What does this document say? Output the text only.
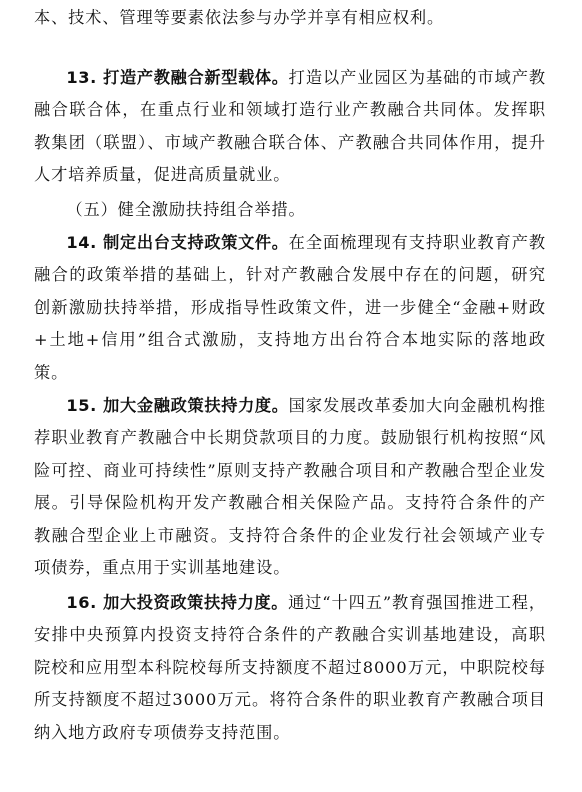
本、技术、管理等要素依法参与办学并享有相应权利。

13. 打造产教融合新型载体。打造以产业园区为基础的市域产教融合联合体，在重点行业和领域打造行业产教融合共同体。发挥职教集团（联盟）、市域产教融合联合体、产教融合共同体作用，提升人才培养质量，促进高质量就业。

（五）健全激励扶持组合举措。

14. 制定出台支持政策文件。在全面梳理现有支持职业教育产教融合的政策举措的基础上，针对产教融合发展中存在的问题，研究创新激励扶持举措，形成指导性政策文件，进一步健全“金融+财政+土地+信用”组合式激励，支持地方出台符合本地实际的落地政策。

15. 加大金融政策扶持力度。国家发展改革委加大向金融机构推荐职业教育产教融合中长期贷款项目的力度。鼓励银行机构按照“风险可控、商业可持续性”原则支持产教融合项目和产教融合型企业发展。引导保险机构开发产教融合相关保险产品。支持符合条件的产教融合型企业上市融资。支持符合条件的企业发行社会领域产业专项债券，重点用于实训基地建设。

16. 加大投资政策扶持力度。通过“十四五”教育强国推进工程，安排中央预算内投资支持符合条件的产教融合实训基地建设，高职院校和应用型本科院校每所支持额度不超过8000万元，中职院校每所支持额度不超过3000万元。将符合条件的职业教育产教融合项目纳入地方政府专项债券支持范围。
